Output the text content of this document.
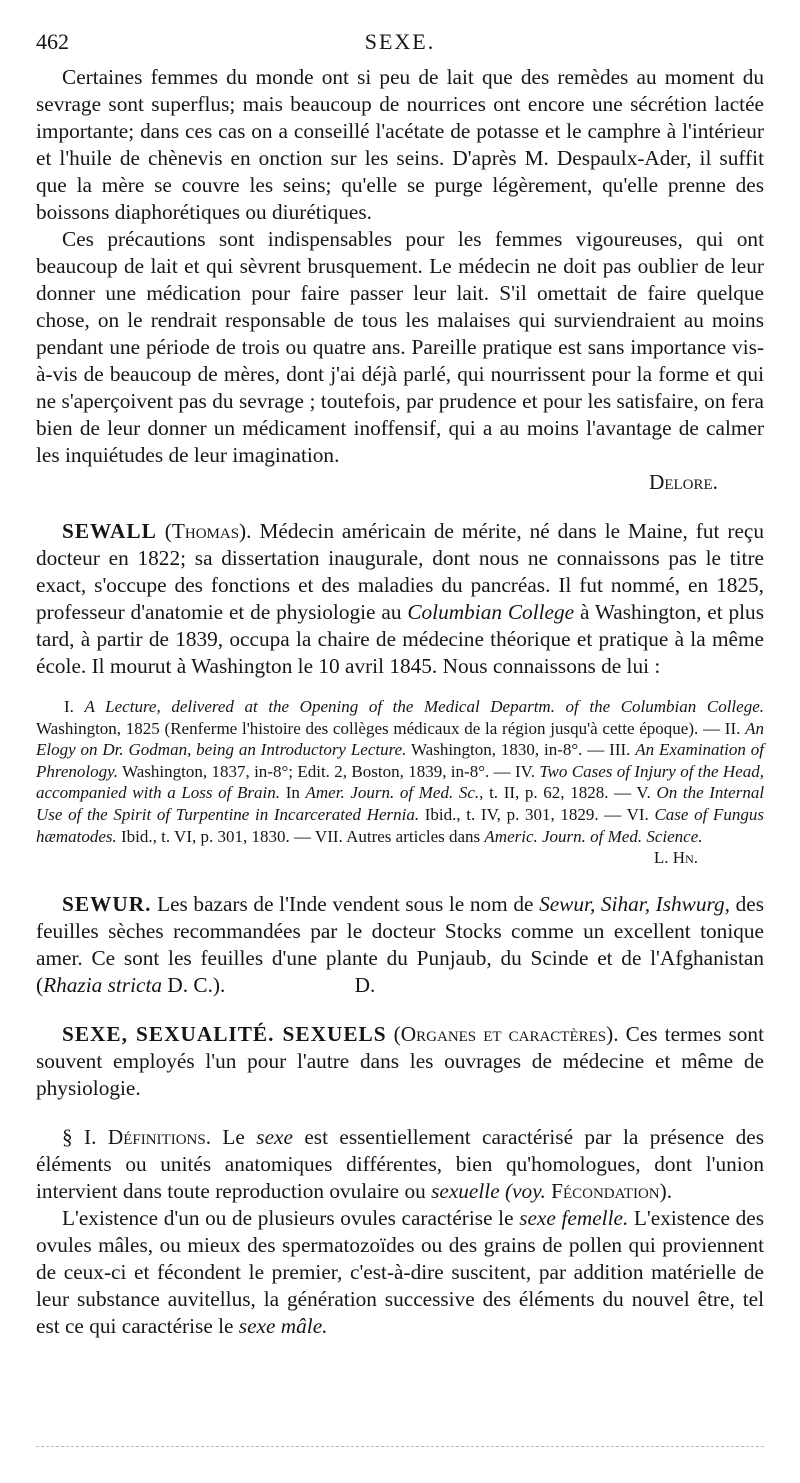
462	SEXE.

Certaines femmes du monde ont si peu de lait que des remèdes au moment du sevrage sont superflus; mais beaucoup de nourrices ont encore une sécrétion lactée importante; dans ces cas on a conseillé l'acétate de potasse et le camphre à l'intérieur et l'huile de chènevis en onction sur les seins. D'après M. Despaulx-Ader, il suffit que la mère se couvre les seins; qu'elle se purge légèrement, qu'elle prenne des boissons diaphorétiques ou diurétiques.

Ces précautions sont indispensables pour les femmes vigoureuses, qui ont beaucoup de lait et qui sèvrent brusquement. Le médecin ne doit pas oublier de leur donner une médication pour faire passer leur lait. S'il omettait de faire quelque chose, on le rendrait responsable de tous les malaises qui surviendraient au moins pendant une période de trois ou quatre ans. Pareille pratique est sans importance vis-à-vis de beaucoup de mères, dont j'ai déjà parlé, qui nourrissent pour la forme et qui ne s'aperçoivent pas du sevrage ; toutefois, par prudence et pour les satisfaire, on fera bien de leur donner un médicament inoffensif, qui a au moins l'avantage de calmer les inquiétudes de leur imagination.

Delore.

SEWALL (Thomas). Médecin américain de mérite, né dans le Maine, fut reçu docteur en 1822; sa dissertation inaugurale, dont nous ne connaissons pas le titre exact, s'occupe des fonctions et des maladies du pancréas. Il fut nommé, en 1825, professeur d'anatomie et de physiologie au Columbian College à Washington, et plus tard, à partir de 1839, occupa la chaire de médecine théorique et pratique à la même école. Il mourut à Washington le 10 avril 1845. Nous connaissons de lui :

I. A Lecture, delivered at the Opening of the Medical Departm. of the Columbian College. Washington, 1825 (Renferme l'histoire des collèges médicaux de la région jusqu'à cette époque). — II. An Elogy on Dr. Godman, being an Introductory Lecture. Washington, 1830, in-8°. — III. An Examination of Phrenology. Washington, 1837, in-8°; Edit. 2, Boston, 1839, in-8°. — IV. Two Cases of Injury of the Head, accompanied with a Loss of Brain. In Amer. Journ. of Med. Sc., t. II, p. 62, 1828. — V. On the Internal Use of the Spirit of Turpentine in Incarcerated Hernia. Ibid., t. IV, p. 301, 1829. — VI. Case of Fungus hæmatodes. Ibid., t. VI, p. 301, 1830. — VII. Autres articles dans Americ. Journ. of Med. Science.

L. Hn.

SEWUR. Les bazars de l'Inde vendent sous le nom de Sewur, Sihar, Ishwurg, des feuilles sèches recommandées par le docteur Stocks comme un excellent tonique amer. Ce sont les feuilles d'une plante du Punjaub, du Scinde et de l'Afghanistan (Rhazia stricta D. C.).	D.

SEXE, SEXUALITÉ. SEXUELS (Organes et caractères). Ces termes sont souvent employés l'un pour l'autre dans les ouvrages de médecine et même de physiologie.

§ I. Définitions. Le sexe est essentiellement caractérisé par la présence des éléments ou unités anatomiques différentes, bien qu'homologues, dont l'union intervient dans toute reproduction ovulaire ou sexuelle (voy. Fécondation).

L'existence d'un ou de plusieurs ovules caractérise le sexe femelle. L'existence des ovules mâles, ou mieux des spermatozoïdes ou des grains de pollen qui proviennent de ceux-ci et fécondent le premier, c'est-à-dire suscitent, par addition matérielle de leur substance auvitellus, la génération successive des éléments du nouvel être, tel est ce qui caractérise le sexe mâle.
